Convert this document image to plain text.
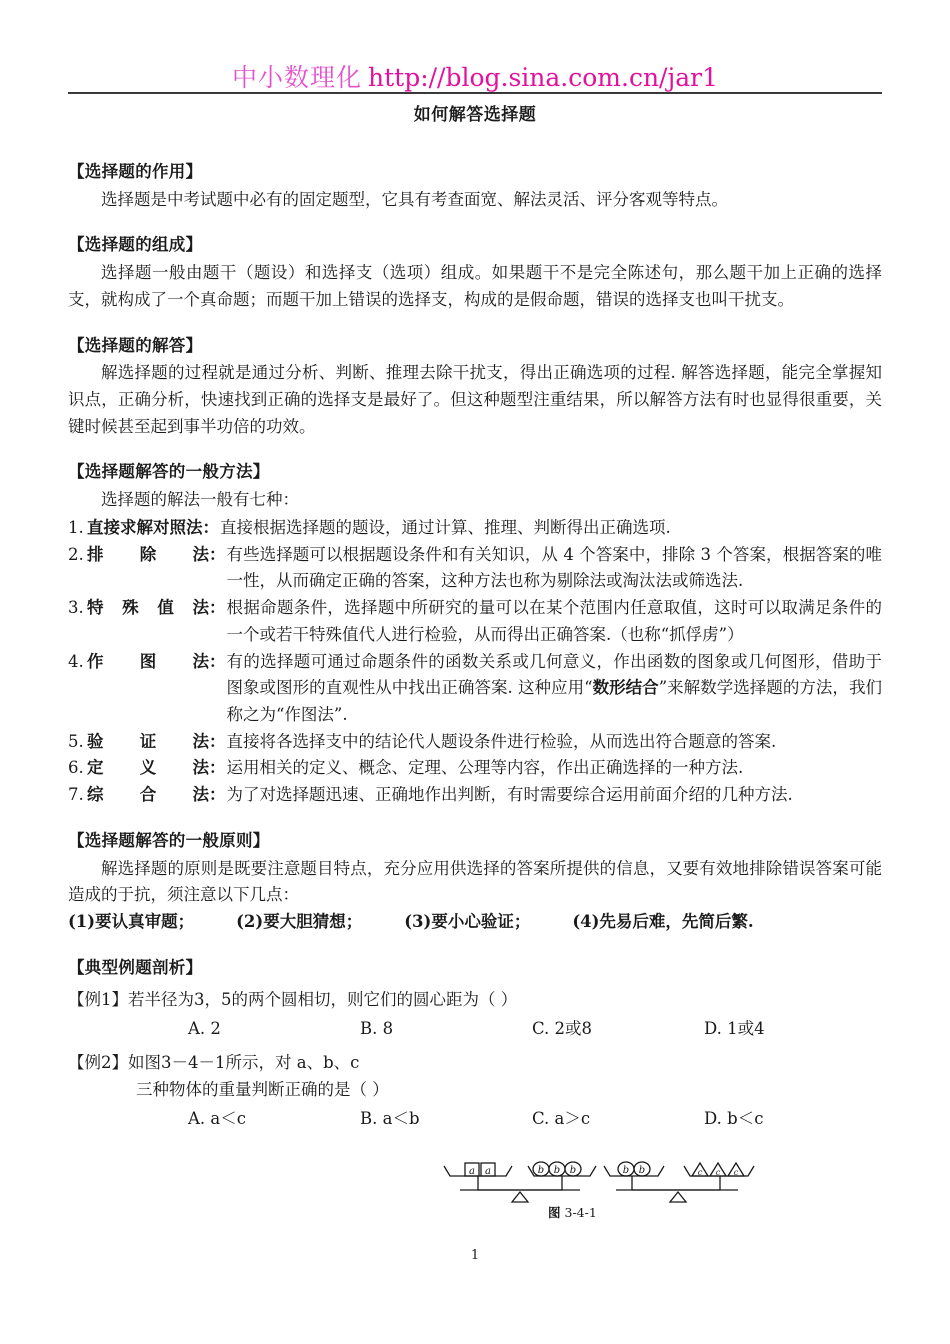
中小数理化 http://blog.sina.com.cn/jar1
如何解答选择题
【选择题的作用】
选择题是中考试题中必有的固定题型，它具有考查面宽、解法灵活、评分客观等特点。
【选择题的组成】
选择题一般由题干（题设）和选择支（选项）组成。如果题干不是完全陈述句，那么题干加上正确的选择支，就构成了一个真命题；而题干加上错误的选择支，构成的是假命题，错误的选择支也叫干扰支。
【选择题的解答】
解选择题的过程就是通过分析、判断、推理去除干扰支，得出正确选项的过程. 解答选择题，能完全掌握知识点，正确分析，快速找到正确的选择支是最好了。但这种题型注重结果，所以解答方法有时也显得很重要，关键时候甚至起到事半功倍的功效。
【选择题解答的一般方法】
选择题的解法一般有七种：
1. 直接求解对照法 ： 直接根据选择题的题设，通过计算、推理、判断得出正确选项.
2. 排 除 法 ： 有些选择题可以根据题设条件和有关知识，从 4 个答案中，排除 3 个答案，根据答案的唯一性，从而确定正确的答案，这种方法也称为剔除法或淘汰法或筛选法.
3. 特 殊 值 法 ： 根据命题条件，选择题中所研究的量可以在某个范围内任意取值，这时可以取满足条件的一个或若干特殊值代人进行检验，从而得出正确答案.（也称“抓俘虏”）
4. 作 图 法 ： 有的选择题可通过命题条件的函数关系或几何意义，作出函数的图象或几何图形，借助于图象或图形的直观性从中找出正确答案. 这种应用“数形结合”来解数学选择题的方法，我们称之为“作图法”.
5. 验 证 法 ： 直接将各选择支中的结论代人题设条件进行检验，从而选出符合题意的答案.
6. 定 义 法 ： 运用相关的定义、概念、定理、公理等内容，作出正确选择的一种方法.
7. 综 合 法 ： 为了对选择题迅速、正确地作出判断，有时需要综合运用前面介绍的几种方法.
【选择题解答的一般原则】
解选择题的原则是既要注意题目特点，充分应用供选择的答案所提供的信息，又要有效地排除错误答案可能造成的于抗，须注意以下几点：
(1)要认真审题；	(2)要大胆猜想；	(3)要小心验证；	(4)先易后难，先简后繁.
【典型例题剖析】
【例1】若半径为3，5的两个圆相切，则它们的圆心距为（ ）
A. 2	B. 8	C. 2或8	D. 1或4
【例2】如图3－4－1所示，对 a、b、c
三种物体的重量判断正确的是（ ）
A. a＜c	B. a＜b	C. a＞c	D. b＜c
a a	b b b	b b	c c c
图 3-4-1
1
